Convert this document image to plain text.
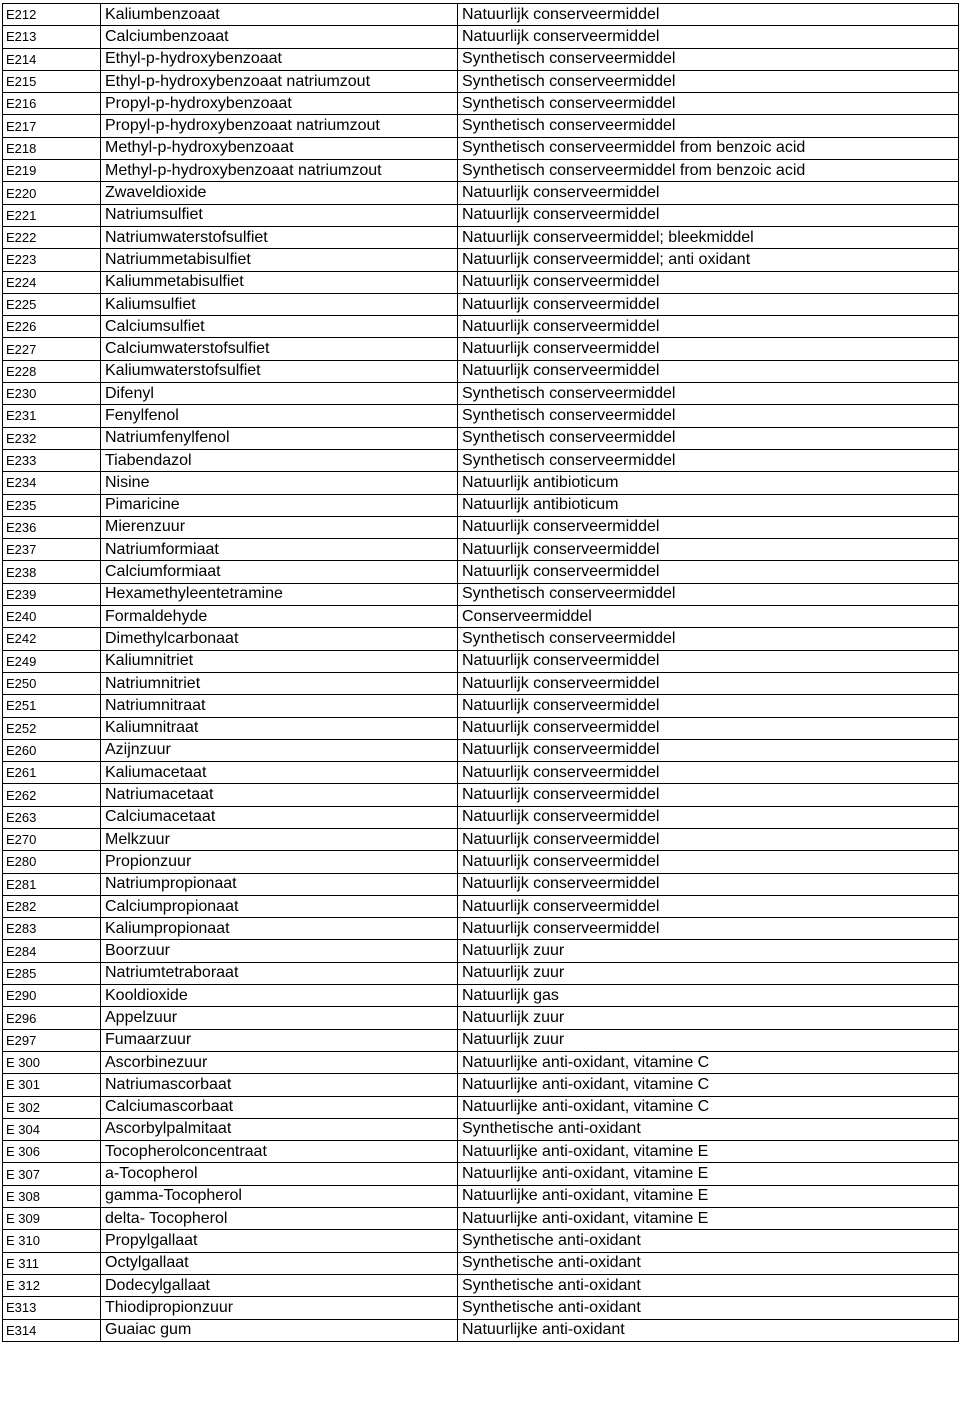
E212	Kaliumbenzoaat	Natuurlijk conserveermiddel
E213	Calciumbenzoaat	Natuurlijk conserveermiddel
E214	Ethyl-p-hydroxybenzoaat	Synthetisch conserveermiddel
E215	Ethyl-p-hydroxybenzoaat natriumzout	Synthetisch conserveermiddel
E216	Propyl-p-hydroxybenzoaat	Synthetisch conserveermiddel
E217	Propyl-p-hydroxybenzoaat natriumzout	Synthetisch conserveermiddel
E218	Methyl-p-hydroxybenzoaat	Synthetisch conserveermiddel from benzoic acid
E219	Methyl-p-hydroxybenzoaat natriumzout	Synthetisch conserveermiddel from benzoic acid
E220	Zwaveldioxide	Natuurlijk conserveermiddel
E221	Natriumsulfiet	Natuurlijk conserveermiddel
E222	Natriumwaterstofsulfiet	Natuurlijk conserveermiddel; bleekmiddel
E223	Natriummetabisulfiet	Natuurlijk conserveermiddel; anti oxidant
E224	Kaliummetabisulfiet	Natuurlijk conserveermiddel
E225	Kaliumsulfiet	Natuurlijk conserveermiddel
E226	Calciumsulfiet	Natuurlijk conserveermiddel
E227	Calciumwaterstofsulfiet	Natuurlijk conserveermiddel
E228	Kaliumwaterstofsulfiet	Natuurlijk conserveermiddel
E230	Difenyl	Synthetisch conserveermiddel
E231	Fenylfenol	Synthetisch conserveermiddel
E232	Natriumfenylfenol	Synthetisch conserveermiddel
E233	Tiabendazol	Synthetisch conserveermiddel
E234	Nisine	Natuurlijk antibioticum
E235	Pimaricine	Natuurlijk antibioticum
E236	Mierenzuur	Natuurlijk conserveermiddel
E237	Natriumformiaat	Natuurlijk conserveermiddel
E238	Calciumformiaat	Natuurlijk conserveermiddel
E239	Hexamethyleentetramine	Synthetisch conserveermiddel
E240	Formaldehyde	Conserveermiddel
E242	Dimethylcarbonaat	Synthetisch conserveermiddel
E249	Kaliumnitriet	Natuurlijk conserveermiddel
E250	Natriumnitriet	Natuurlijk conserveermiddel
E251	Natriumnitraat	Natuurlijk conserveermiddel
E252	Kaliumnitraat	Natuurlijk conserveermiddel
E260	Azijnzuur	Natuurlijk conserveermiddel
E261	Kaliumacetaat	Natuurlijk conserveermiddel
E262	Natriumacetaat	Natuurlijk conserveermiddel
E263	Calciumacetaat	Natuurlijk conserveermiddel
E270	Melkzuur	Natuurlijk conserveermiddel
E280	Propionzuur	Natuurlijk conserveermiddel
E281	Natriumpropionaat	Natuurlijk conserveermiddel
E282	Calciumpropionaat	Natuurlijk conserveermiddel
E283	Kaliumpropionaat	Natuurlijk conserveermiddel
E284	Boorzuur	Natuurlijk zuur
E285	Natriumtetraboraat	Natuurlijk zuur
E290	Kooldioxide	Natuurlijk gas
E296	Appelzuur	Natuurlijk zuur
E297	Fumaarzuur	Natuurlijk zuur
E 300	Ascorbinezuur	Natuurlijke anti-oxidant, vitamine C
E 301	Natriumascorbaat	Natuurlijke anti-oxidant, vitamine C
E 302	Calciumascorbaat	Natuurlijke anti-oxidant, vitamine C
E 304	Ascorbylpalmitaat	Synthetische anti-oxidant
E 306	Tocopherolconcentraat	Natuurlijke anti-oxidant, vitamine E
E 307	a-Tocopherol	Natuurlijke anti-oxidant, vitamine E
E 308	gamma-Tocopherol	Natuurlijke anti-oxidant, vitamine E
E 309	delta- Tocopherol	Natuurlijke anti-oxidant, vitamine E
E 310	Propylgallaat	Synthetische anti-oxidant
E 311	Octylgallaat	Synthetische anti-oxidant
E 312	Dodecylgallaat	Synthetische anti-oxidant
E313	Thiodipropionzuur	Synthetische anti-oxidant
E314	Guaiac gum	Natuurlijke anti-oxidant
